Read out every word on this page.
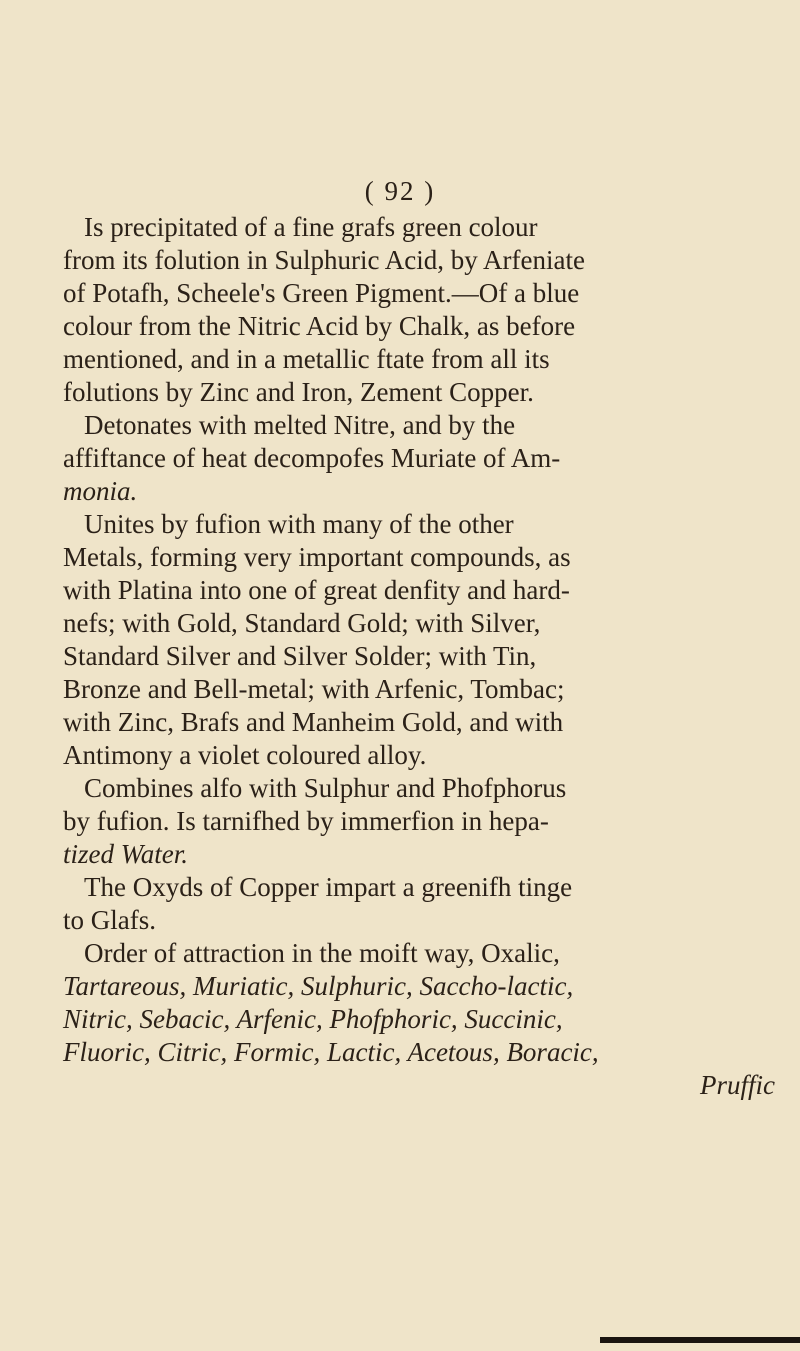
( 92 )
Is precipitated of a fine grafs green colour
from its folution in Sulphuric Acid, by Arfeniate
of Potafh, Scheele's Green Pigment.—Of a blue
colour from the Nitric Acid by Chalk, as before
mentioned, and in a metallic ftate from all its
folutions by Zinc and Iron, Zement Copper.
Detonates with melted Nitre, and by the
affiftance of heat decompofes Muriate of Am-
monia.
Unites by fufion with many of the other
Metals, forming very important compounds, as
with Platina into one of great denfity and hard-
nefs; with Gold, Standard Gold; with Silver,
Standard Silver and Silver Solder; with Tin,
Bronze and Bell-metal; with Arfenic, Tombac;
with Zinc, Brafs and Manheim Gold, and with
Antimony a violet coloured alloy.
Combines alfo with Sulphur and Phofphorus
by fufion. Is tarnifhed by immerfion in hepa-
tized Water.
The Oxyds of Copper impart a greenifh tinge
to Glafs.
Order of attraction in the moift way, Oxalic,
Tartareous, Muriatic, Sulphuric, Saccho-lactic,
Nitric, Sebacic, Arfenic, Phofphoric, Succinic,
Fluoric, Citric, Formic, Lactic, Acetous, Boracic,
Pruffic
